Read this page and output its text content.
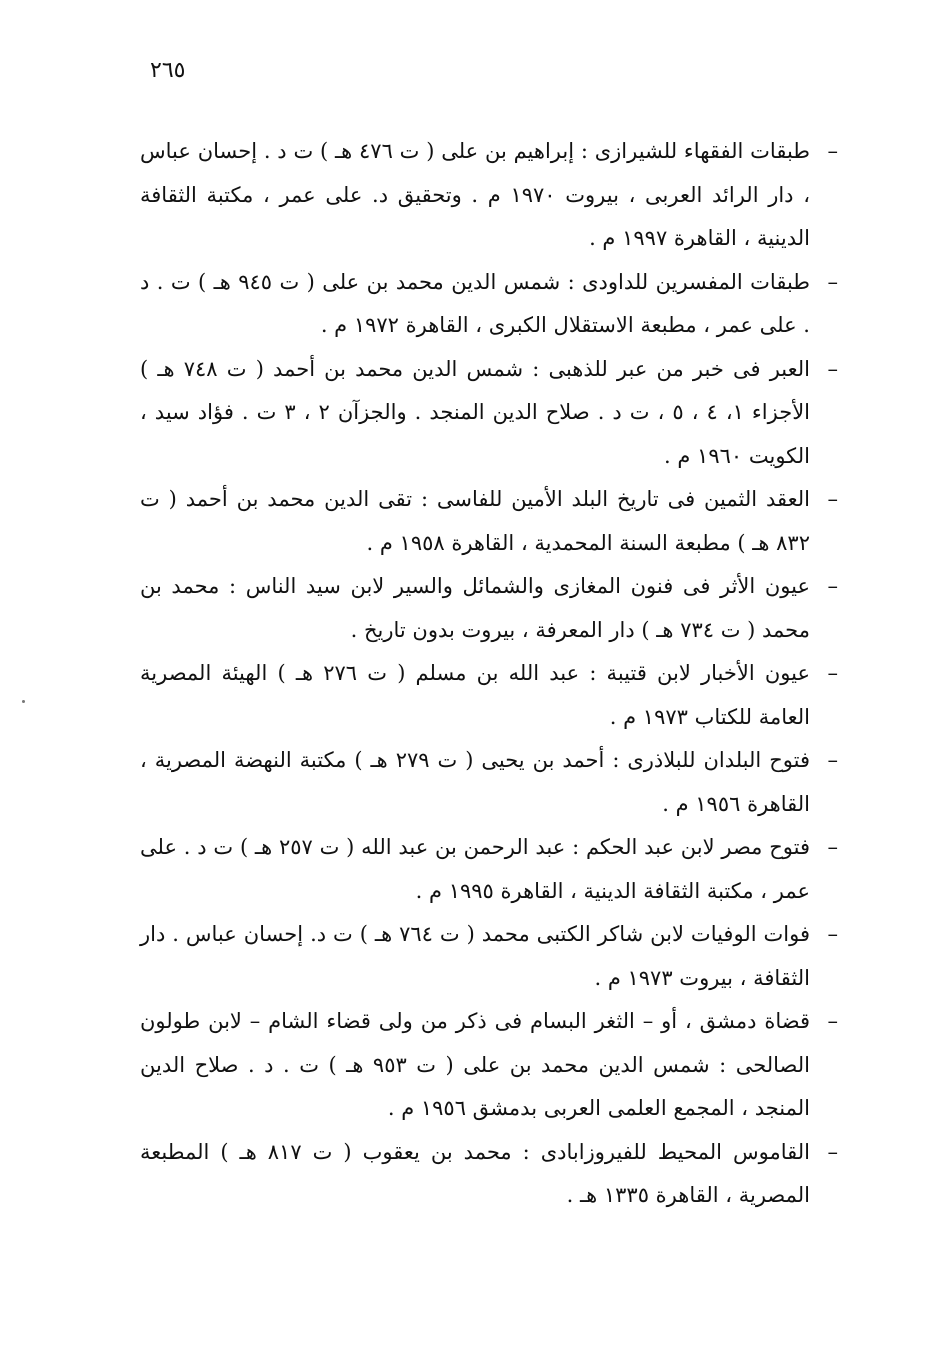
٢٦٥
–
طبقات الفقهاء للشيرازى : إبراهيم بن على ( ت ٤٧٦ هـ ) ت د . إحسان عباس ، دار الرائد العربى ، بيروت ١٩٧٠ م . وتحقيق د. على عمر ، مكتبة الثقافة الدينية ، القاهرة ١٩٩٧ م .
–
طبقات المفسرين للداودى : شمس الدين محمد بن على ( ت ٩٤٥ هـ ) ت . د . على عمر ، مطبعة الاستقلال الكبرى ، القاهرة ١٩٧٢ م .
–
العبر فى خبر من عبر للذهبى : شمس الدين محمد بن أحمد ( ت ٧٤٨ هـ ) الأجزاء ١، ٤ ، ٥ ، ت د . صلاح الدين المنجد . والجزآن ٢ ، ٣ ت . فؤاد سيد ، الكويت ١٩٦٠ م .
–
العقد الثمين فى تاريخ البلد الأمين للفاسى : تقى الدين محمد بن أحمد ( ت ٨٣٢ هـ ) مطبعة السنة المحمدية ، القاهرة ١٩٥٨ م .
–
عيون الأثر فى فنون المغازى والشمائل والسير لابن سيد الناس : محمد بن محمد ( ت ٧٣٤ هـ ) دار المعرفة ، بيروت بدون تاريخ .
–
عيون الأخبار لابن قتيبة : عبد الله بن مسلم ( ت ٢٧٦ هـ ) الهيئة المصرية العامة للكتاب ١٩٧٣ م .
–
فتوح البلدان للبلاذرى : أحمد بن يحيى ( ت ٢٧٩ هـ ) مكتبة النهضة المصرية ، القاهرة ١٩٥٦ م .
–
فتوح مصر لابن عبد الحكم : عبد الرحمن بن عبد الله ( ت ٢٥٧ هـ ) ت د . على عمر ، مكتبة الثقافة الدينية ، القاهرة ١٩٩٥ م .
–
فوات الوفيات لابن شاكر الكتبى محمد ( ت ٧٦٤ هـ ) ت د. إحسان عباس . دار الثقافة ، بيروت ١٩٧٣ م .
–
قضاة دمشق ، أو – الثغر البسام فى ذكر من ولى قضاء الشام – لابن طولون الصالحى : شمس الدين محمد بن على ( ت ٩٥٣ هـ ) ت . د . صلاح الدين المنجد ، المجمع العلمى العربى بدمشق ١٩٥٦ م .
–
القاموس المحيط للفيروزابادى : محمد بن يعقوب ( ت ٨١٧ هـ ) المطبعة المصرية ، القاهرة ١٣٣٥ هـ .
